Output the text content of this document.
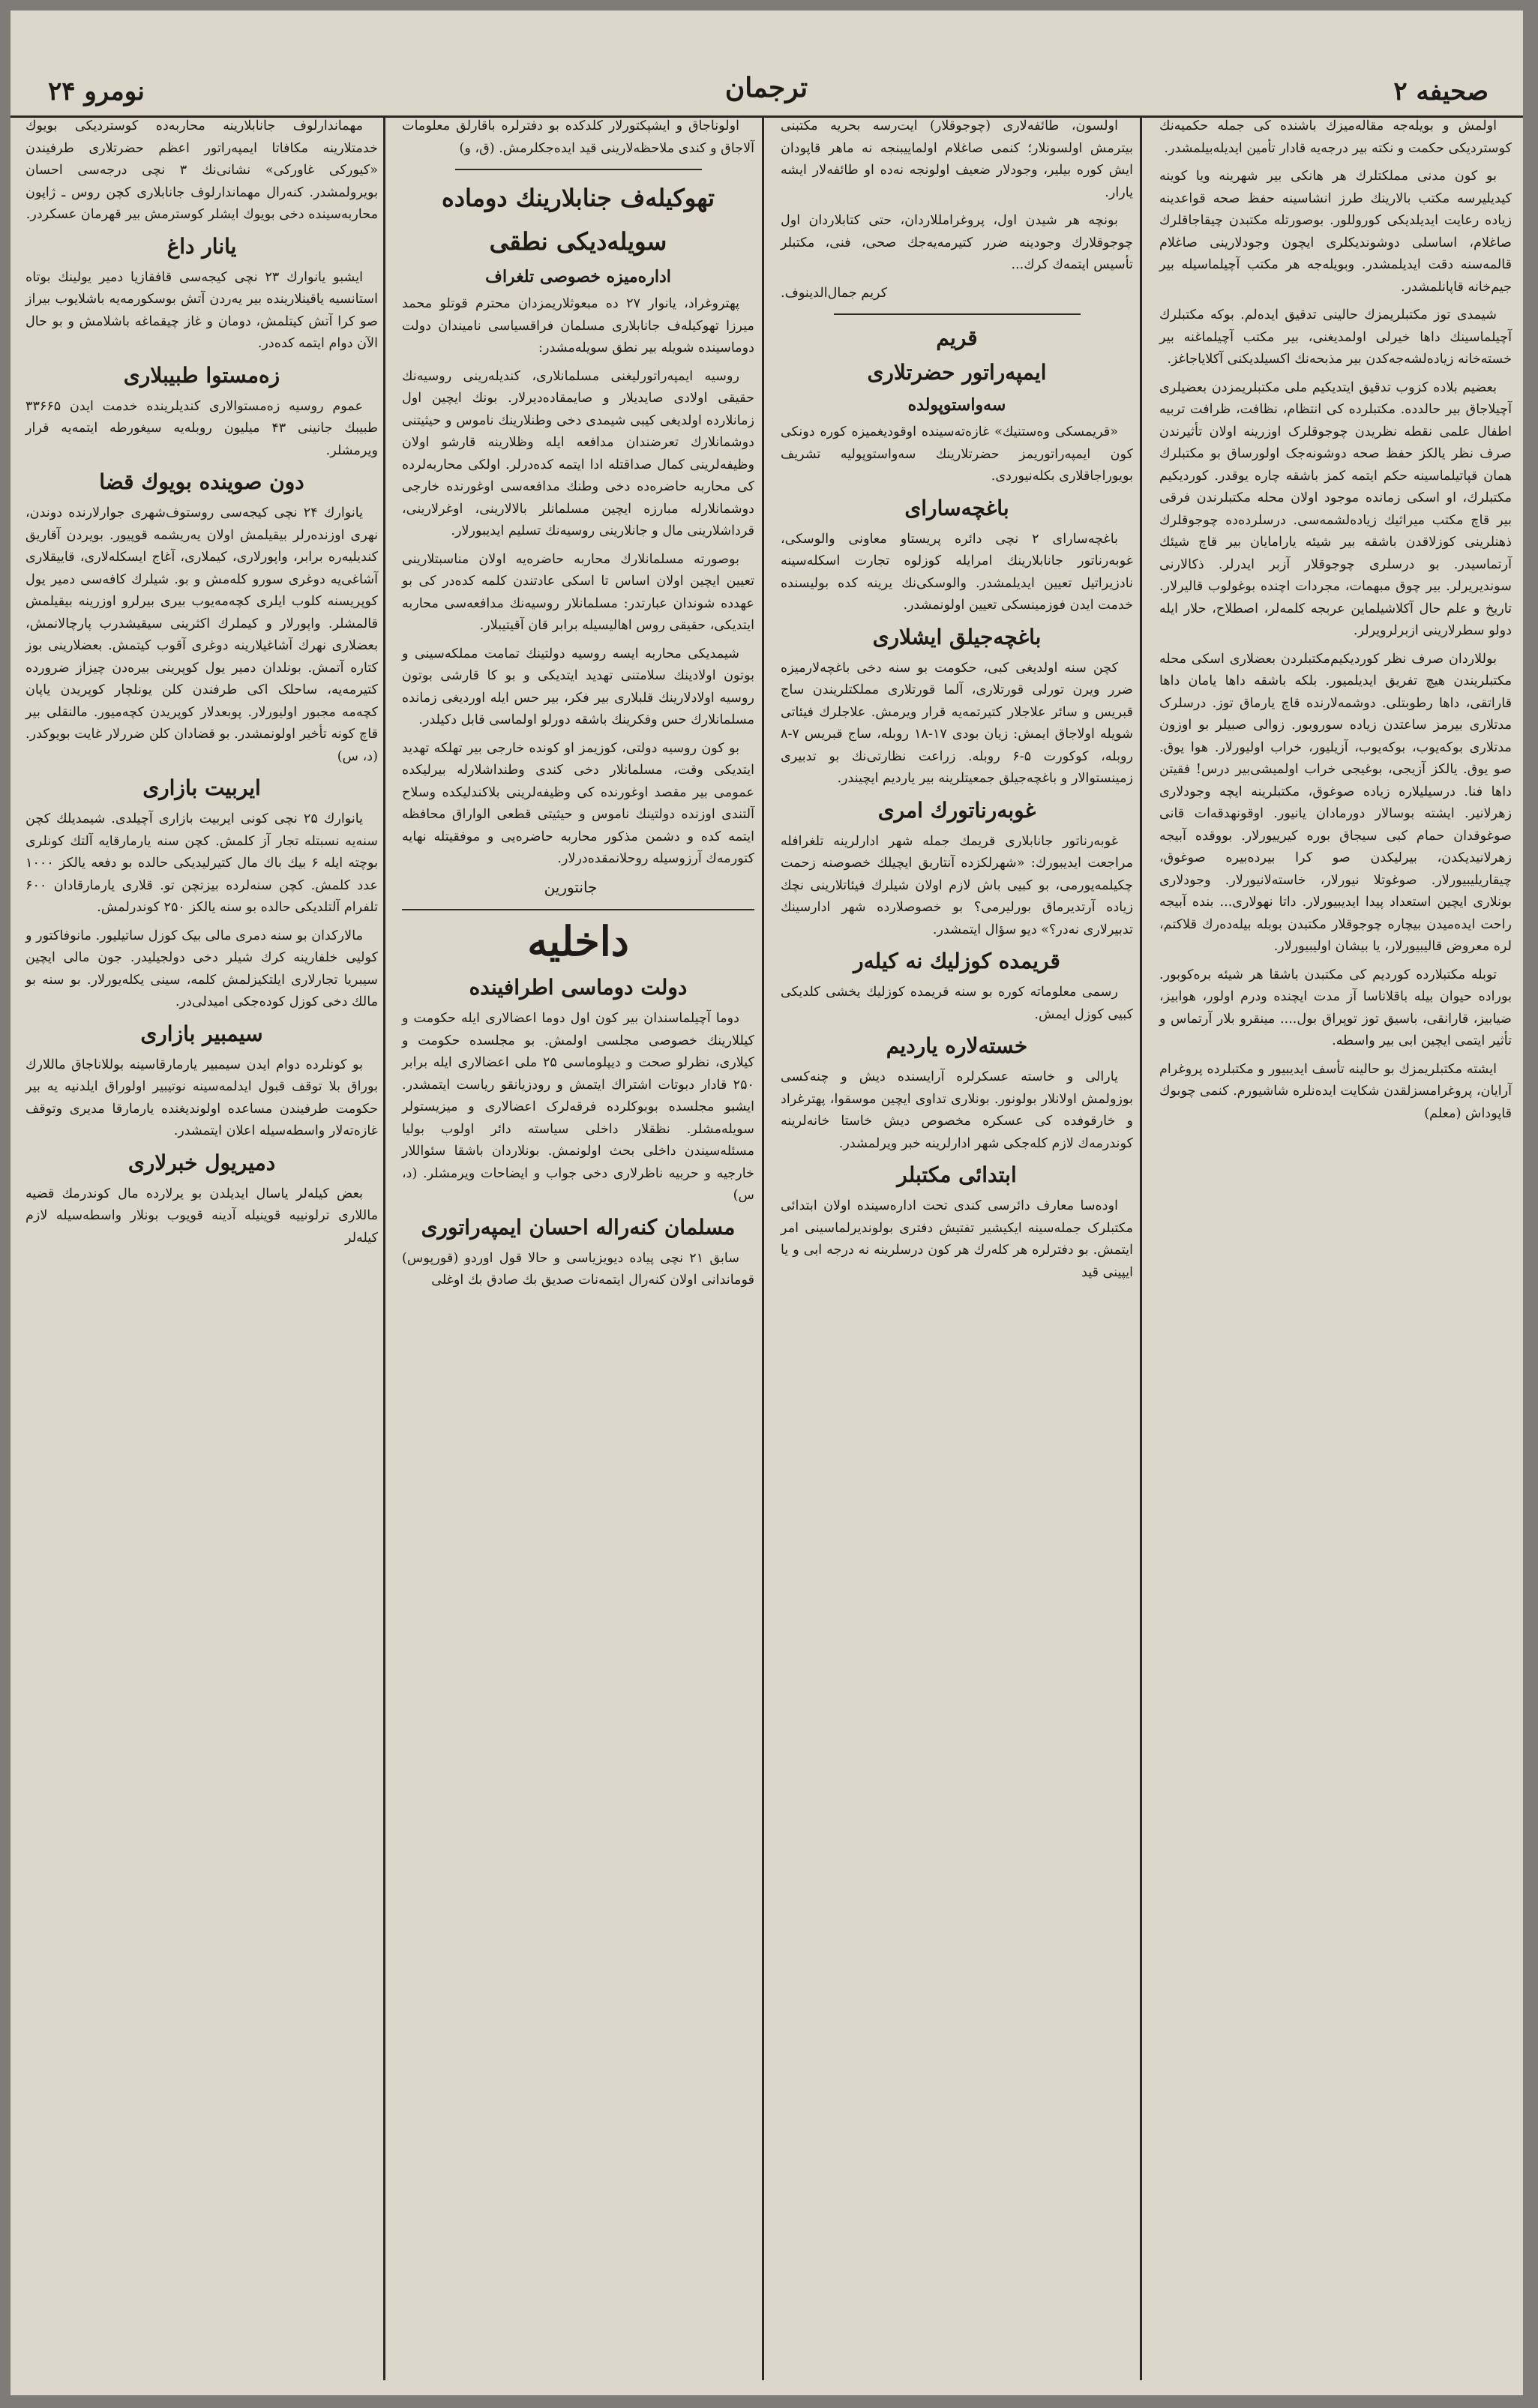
نومرو ۲۴	ترجمان	صحیفه ۲

اولمش و بویله‌جه مقاله‌میزك باشنده کی جمله حکمیه‌نك کوسترديکی حکمت و نکته بیر درجه‌یه قادار تأمین ایدیله‌بیلمشدر.

بو کون مدنی مملکتلرك هر هانکی بیر شهرینه ویا کوینه کیدیلیرسه مکتب بالارینك طرز انشاسینه حفظ صحه قواعدینه زیاده رعایت ایدیلدیکی کوروللور. بوصورتله مکتبدن چیقاجاقلرك صاغلام، اساسلی دوشوندیکلری ایچون وجودلارینی صاغلام قالمه‌سنه دقت ایدیلمشدر. وبویله‌جه هر مکتب آچیلماسیله بیر جیم‌خانه قاپانلمشدر.

شیمدی توز مکتبلریمزك حالینی تدقیق ایده‌لم. بوکه مکتبلرك آچیلماسینك داها خیرلی اولمدیغنی، بیر مکتب آچیلماغنه بیر خسته‌خانه زیاده‌لشه‌جه‌کدن بیر مذبحه‌نك اکسیلدیکنی آکلایاجاغز.

بعضیم بلاده کزوب تدقیق ایتدیکیم ملی مکتبلریمزدن بعضیلری آچیلاجاق بیر حالدده. مکتبلرده کی انتظام، نظافت، ظرافت تربیه اطفال علمی نقطه نظریدن چوجوقلرک اوزرینه اولان تأثیرندن صرف نظر یالکز حفظ صحه دوشونه‌جک اولورساق بو مکتبلرك همان قپاتیلماسینه حکم ایتمه کمز باشقه چاره یوقدر. کوردیکیم مکتبلرك، او اسکی زمانده موجود اولان محله مکتبلرندن فرقی بیر قاچ مکتب میراثیك زیاده‌لشمه‌سی. درسلرده‌ده چوجوقلرك ذهنلرینی کوزلاقدن باشقه بیر شیئه یارامایان بیر قاچ شیئك آرتماسیدر. بو درسلری چوجوقلار آزبر ایدرلر. ذکالارنی سوندیریرلر. بیر چوق مبهمات، مجردات اچنده بوغولوب قالیرلار. تاریخ و علم حال آکلاشیلماین عربجه کلمه‌لر، اصطلاح، حلار ایله دولو سطرلارینی ازبرلرویرلر.

بوللاردان صرف نظر کوردیکیم‌مکتبلردن بعضلاری اسکی محله مکتبلریندن هیچ تفریق ایدیلمیور. بلکه باشقه داها یامان داها قاراتقی، داها رطوبتلی. دوشمه‌لارنده قاچ یارماق توز. درسلرک مدتلاری بیرمز ساعتدن زیاده سوروبور. زوالی صبیلر بو اوزون مدتلاری بوکه‌یوب، بوکه‌یوب، آزیلیور، خراب اولیورلار. هوا یوق. صو یوق. یالکز آزیجی، بوغیجی خراب اولمیشی‌بیر درس! فقیتن داها فنا. درسیلیلاره زیاده صوغوق، مکتبلرینه ایچه وجودلاری زهرلانیر. ایشته بوسالار دورمادان یانیور. اوقونهدقه‌ات قانی صوغوقدان حمام کبی سیجاق بوره کیرییورلار. بووقده آبیجه زهرلانیدیکدن، بیرلیکدن صو کرا بیرده‌بیره صوغوق، چیقاریلیبیورلار. صوغوتلا نیورلار، خاسته‌لانیورلار. وجودلاری بونلاری ایچین استعداد پیدا ایدیبیورلار. داتا نهولاری... بنده آبیجه راحت ایده‌میدن بیچاره چوجوقلار مکتبدن بوبله بیله‌ده‌رك قلاکتم، لره معروض قالیبیورلار، یا بیشان اولیبیورلار.

توبله مکتبلارده کوردیم کی مکتبدن باشقا هر شیئه بره‌کوبور. بوراده حیوان بیله باقلاناسا آز مدت ایچنده ودرم اولور، هوابیز، ضیابیز، قارانقی، باسیق توز توپراق بول.... مینقرو بلار آرتماس و تأثیر ایتمی ایچین ابی بیر واسطه.

ایشته مکتبلریمزك بو حالینه تأسف ایدیبیور و مکتبلرده پروغرام آرايان، پروغرامسزلقدن شکایت ایده‌نلره شاشیورم. کنمی چوبوك قاپوداش (معلم)

اولسون، طائفه‌لاری (چوجوقلار) ایت‌رسه بحریه مکتبنی بیترمش اولسونلار؛ کنمی صاغلام اولماییبنجه نه ماهر قاپودان ایش کوره بیلیر، وجودلار ضعیف اولونجه نه‌ده او طائفه‌لار ایشه یارار.

بونچه هر شیدن اول، پروغرامللاردان، حتی کتابلاردان اول چوجوقلارك وجودینه ضرر کتیرمه‌یه‌جك صحی، فنی، مکتبلر تأسیس ایتمه‌ك کرك...

کریم جمال‌الدینوف.

قریم
ایمپه‌راتور حضرتلاری
سه‌واستوپولده

«قریمسکی وه‌ستنیك» غازه‌ته‌سینده اوقودیغمیزه کوره دونکی کون ایمپه‌راتوریمز حضرتلارینك سه‌واستوپولیه تشریف بویوراجاقلاری بکله‌نیوردی.

باغچه‌سارای

باغچه‌سارای ۲ نچی دائره پریستاو معاونی والوسکی، غوبه‌رناتور جانابلارینك امرایله کوزلوه تجارت اسکله‌سینه نادزیراتیل تعیین ایدیلمشدر. والوسکی‌نك یرینه کده بولیسنده خدمت ایدن فوزمینسکی تعیین اولونمشدر.

باغچه‌جیلق ایشلاری

کچن سنه اولدیغی کبی، حکومت بو سنه دخی باغچه‌لارمیزه ضرر ویرن تورلی قورتلاری، آلما قورتلاری مملکتلریندن ساج قبریس و سائر علاجلار کتیرتمه‌یه قرار ویرمش. علاجلرك فیئاتی شویله اولاجاق ایمش: زیان بودی ۱۷-۱۸ روبله، ساج قبریس ۷-۸ روبله، کوکورت ۵-۶ روبله. زراعت نظارتی‌نك بو تدبیری زمینستوالار و باغچه‌جیلق جمعیتلرینه بیر یاردیم ایچیندر.

غوبه‌رناتورك امری

غوبه‌رناتور جانابلاری قریمك جمله شهر ادارلرینه تلغرافله مراجعت ایدیبورك: «شهرلکزده آنتاریق ایچیلك خصوصنه زحمت چکیلمه‌یورمی، بو کبیی باش لازم اولان شیلرك فیئاتلارینی نچك زیاده آرتدیرماق بورلیرمی؟ بو خصوصلارده شهر ادارسینك تدبیرلاری نه‌در؟» دیو سؤال ایتمشدر.

قریمده کوزلیك نه کیله‌ر

رسمی معلوماته کوره بو سنه قریمده کوزلیك یخشی کلدیکی کبیی کوزل ایمش.

خسته‌لاره یاردیم

یارالی و خاسته عسکرلره آرایسنده دیش و چنه‌کسی بوزولمش اولانلار بولونور. بونلاری تداوی ایچین موسقوا، پهترغراد و خارقوفده کی عسکره مخصوص دیش خاستا خانه‌لرینه کوندرمه‌ك لازم کله‌جکی شهر ادارلرینه خبر ویرلمشدر.

ابتدائی مکتبلر

اوده‌سا معارف دائرسی کندی تحت اداره‌سینده اولان ابتدائی مکتبلرک جمله‌سینه ایکیشیر تفتیش دفتری بولوندیرلماسینی امر ایتمش. بو دفترلره هر کله‌رك هر کون درسلرینه نه درجه ابی و یا ایپینی قید

اولوناجاق و ایشپکتورلار کلدکده بو دفترلره باقارلق معلومات آلاجاق و کندی ملاحظه‌لارینی قید ایده‌جکلرمش. (ق، و)

تهوکیله‌ف جنابلارینك دوماده
سویله‌دیکی نطقی
اداره‌میزه خصوصی تلغراف

پهتروغراد، یانوار ۲۷ ده مبعوثلاریمزدان محترم قوتلو محمد میرزا تهوکیله‌ف جانابلاری مسلمان فراقسیاسی نامیندان دولت دوماسینده شویله بیر نطق سویله‌مشدر:

روسیه ایمپه‌راتورلیغنی مسلمانلاری، کندیله‌رینی روسیه‌نك حقیقی اولادی صایدیلار و صایمقاده‌دیرلار. بونك ایچین اول زمانلارده اولدیغی کیبی شیمدی دخی وطنلارینك ناموس و حیثیتنی دوشمانلارك تعرضندان مدافعه ایله وظلارینه قارشو اولان وظیفه‌لرینی کمال صداقتله ادا ایتمه کده‌درلر. اولکی محاربه‌لرده کی محاربه حاضره‌ده دخی وطنك مدافعه‌سی اوغورنده خارجی دوشمانلارله مبارزه ایچین مسلمانلر بالالارینی، اوغرلارینی، قرداشلارینی مال و جانلارینی روسیه‌نك تسلیم ایدیبورلار.

بوصورته مسلمانلارك محاربه حاضره‌یه اولان مناسبتلارینی تعیین ایچین اولان اساس تا اسکی عادتندن کلمه کده‌در کی بو عهدده شوندان عبارتدر: مسلمانلار روسیه‌نك مدافعه‌سی محاربه ایتدیکی، حقیقی روس اهالیسیله برابر قان آقیتیبلار.

شیمدیکی محاربه ایسه روسیه دولتینك تمامت مملکه‌سینی و بوتون اولادینك سلامتنی تهدید ایتدیکی و بو کا قارشی بوتون روسیه اولادلارینك قلبلاری بیر فکر، بیر حس ایله اوردیغی زمانده مسلمانلارك حس وفکرینك باشقه دورلو اولماسی قابل دکیلدر.

بو کون روسیه دولتی، کوزیمز او کونده خارجی بیر تهلکه تهدید ایتدیکی وقت، مسلمانلار دخی کندی وطنداشلارله بیرلیکده عمومی بیر مقصد اوغورنده کی وظیفه‌لرینی بلاکندلیکده وسلاح آلتندی اوزنده دولتینك ناموس و حیثیتی قطعی الواراق محافظه ایتمه کده و دشمن مذکور محاربه حاضره‌یی و موفقیتله نهایه کتورمه‌ك آرزوسیله روحلانمقده‌درلار.

جانتورین

داخلیه
دولت دوماسی اطرافینده

دوما آچیلماسندان بیر کون اول دوما اعضالاری ایله حکومت و کیللارینك خصوصی مجلسی اولمش. بو مجلسده حکومت و کیلاری، نظرلو صحت و دیپلوماسی ۲۵ ملی اعضالاری ایله برابر ۲۵۰ قادار دبوتات اشتراك ایتمش و رودزیانقو ریاست ایتمشدر. ایشبو مجلسده بوبوکلرده فرقه‌لرک اعضالاری و میزیستولر سویله‌مشلر. نظقلار داخلی سیاسته دائر اولوب بولیا مسئله‌سیندن داخلی بحث اولونمش. بونلاردان باشقا سئواللار خارجیه و حربیه ناظرلاری دخی جواب و ایضاحات ویرمشلر. (د، س)

مسلمان کنه‌راله احسان ایمپه‌راتوری

سابق ۲۱ نچی پیاده دیویزیاسی و حالا قول اوردو (قورپوس) قوماندانی اولان کنه‌رال ایتمه‌نات صدیق بك صادق بك اوغلی

مهماندارلوف جانابلارینه محاربه‌ده کوسترديکی بویوك خدمتلارینه مکافاتا ایمپه‌راتور اعظم حضرتلاری طرفیندن «کیورکی غاورکی» نشانی‌نك ۳ نچی درجه‌سی احسان بویرولمشدر. کنه‌رال مهماندارلوف جانابلاری کچن روس ـ ژاپون محاربه‌سینده دخی بویوك ایشلر کوسترمش بیر قهرمان عسکردر.

یانار داغ

ایشبو یانوارك ۲۳ نچی کیجه‌سی قافقازیا دمیر یولینك بوتاه استانسیه یاقینلارینده بیر یه‌ردن آتش بوسکورمه‌یه باشلایوب بیراز صو کرا آتش کیتلمش، دومان و غاز چیقماغه باشلامش و بو حال الآن دوام ایتمه کده‌در.

زه‌مستوا طبیبلاری

عموم روسیه زه‌مستوالاری کندیلرینده خدمت ایدن ۳۳۶۶۵ طبیبك جانینی ۴۳ میلیون روبله‌یه سیغورطه ایتمه‌یه قرار ویرمشلر.

دون صوینده بویوك قضا

یانوارك ۲۴ نچی کیجه‌سی روستوف‌شهری جوارلارنده دوندن، نهری اوزنده‌رلر بیقیلمش اولان یه‌ریشمه قوپیور. بویردن آقاریق کندیلیه‌ره برابر، واپورلاری، کیملاری، آغاج ایسکله‌لاری، قاییقلاری آشاغی‌یه دوغری سورو کله‌مش و بو. شیلرك کافه‌سی دمیر یول کوپریسنه کلوب ایلری کچه‌مه‌یوب بیری بیرلرو اوزرینه بیقیلمش قالمشلر. واپورلار و کیملرك اکثرینی سیقیشدرب پارچالانمش، بعضلاری نهرك آشاغیلارینه دوغری آقوب کیتمش. بعضلارینی بوز کتاره آتمش. بونلدان دمیر یول کوپرینی بیره‌دن چیزاز ضرورده کتیرمه‌یه، ساحلک اکی طرفندن کلن یونلچار کوپریدن یاپان کچه‌مه مجبور اولیورلار. پوبعدلار کوپریدن کچه‌میور. مالنقلی بیر قاچ کونه تأخیر اولونمشدر. بو قضادان کلن ضررلار غایت بویوکدر. (د، س)

ایربیت بازاری

یانوارك ۲۵ نچی کونی ایربیت بازاری آچیلدی. شیمدیلك کچن سنه‌یه نسبتله تجار آز کلمش. کچن سنه یارمارقایه آلتك کونلری بوچته ایله ۶ بیك باك مال کتیرلیدیکی حالده بو دفعه یالکز ۱۰۰۰ عدد کلمش. کچن سنه‌لرده بیزتچن تو. قلاری یارمارقادان ۶۰۰ تلفرام آلتلدیکی حالده بو سنه یالکز ۲۵۰ کوندرلمش.

مالارکدان بو سنه دمرى مالى بیک کوزل ساتیلیور. مانوفاکتور و کولیی خلفارینه کرك شیلر دخی دولجیلیدر. جون مالی ایچین سیبریا تجارلاری ایلتکیزلمش کلمه، سینی یکله‌یورلار. بو سنه بو مالك دخی کوزل کوده‌جکی امیدلی‌در.

سیمبیر بازاری

بو کونلرده دوام ایدن سیمبیر یارمارقاسینه بوللاناجاق ماللارك بوراق بلا توقف قبول ایدلمه‌سینه نوتیبیر اولوراق ایلدنیه یه بیر حکومت طرفیندن مساعده اولوندیغنده یارمارقا مدیری وتوقف غازه‌ته‌لار واسطه‌سیله اعلان ایتمشدر.

دمیریول خبرلاری

بعض کیلەلر یاسال ایدیلدن بو یرلارده مال کوندرمك قضیه ماللاری ترلونییه قوینیله آدینه قویوب بونلار واسطه‌سیله لازم کیلە‌لر
